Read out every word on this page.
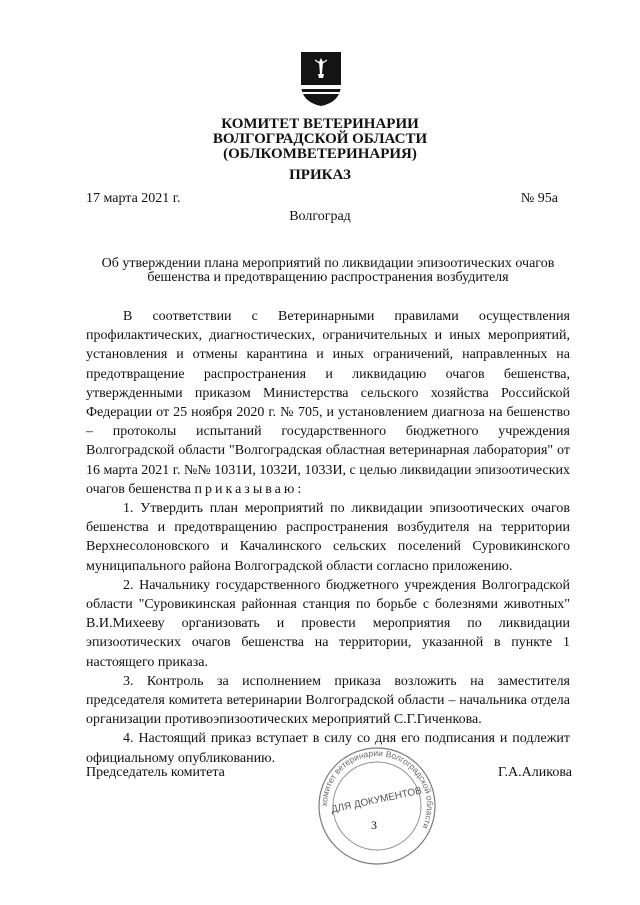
КОМИТЕТ ВЕТЕРИНАРИИ
ВОЛГОГРАДСКОЙ ОБЛАСТИ
(ОБЛКОМВЕТЕРИНАРИЯ)
ПРИКАЗ
17 марта 2021 г.	№ 95а
Волгоград
Об утверждении плана мероприятий по ликвидации эпизоотических очагов
бешенства и предотвращению распространения возбудителя

В соответствии с Ветеринарными правилами осуществления профилактических, диагностических, ограничительных и иных мероприятий, установления и отмены карантина и иных ограничений, направленных на предотвращение распространения и ликвидацию очагов бешенства, утвержденными приказом Министерства сельского хозяйства Российской Федерации от 25 ноября 2020 г. № 705, и установлением диагноза на бешенство – протоколы испытаний государственного бюджетного учреждения Волгоградской области "Волгоградская областная ветеринарная лаборатория" от 16 марта 2021 г. №№ 1031И, 1032И, 1033И, с целью ликвидации эпизоотических очагов бешенства приказываю:

1. Утвердить план мероприятий по ликвидации эпизоотических очагов бешенства и предотвращению распространения возбудителя на территории Верхнесолоновского и Качалинского сельских поселений Суровикинского муниципального района Волгоградской области согласно приложению.

2. Начальнику государственного бюджетного учреждения Волгоградской области "Суровикинская районная станция по борьбе с болезнями животных" В.И.Михееву организовать и провести мероприятия по ликвидации эпизоотических очагов бешенства на территории, указанной в пункте 1 настоящего приказа.

3. Контроль за исполнением приказа возложить на заместителя председателя комитета ветеринарии Волгоградской области – начальника отдела организации противоэпизоотических мероприятий С.Г.Гиченкова.

4. Настоящий приказ вступает в силу со дня его подписания и подлежит официальному опубликованию.

Председатель комитета	Г.А.Аликова
комитет ветеринарии Волгоградской области
ДЛЯ ДОКУМЕНТОВ
3
